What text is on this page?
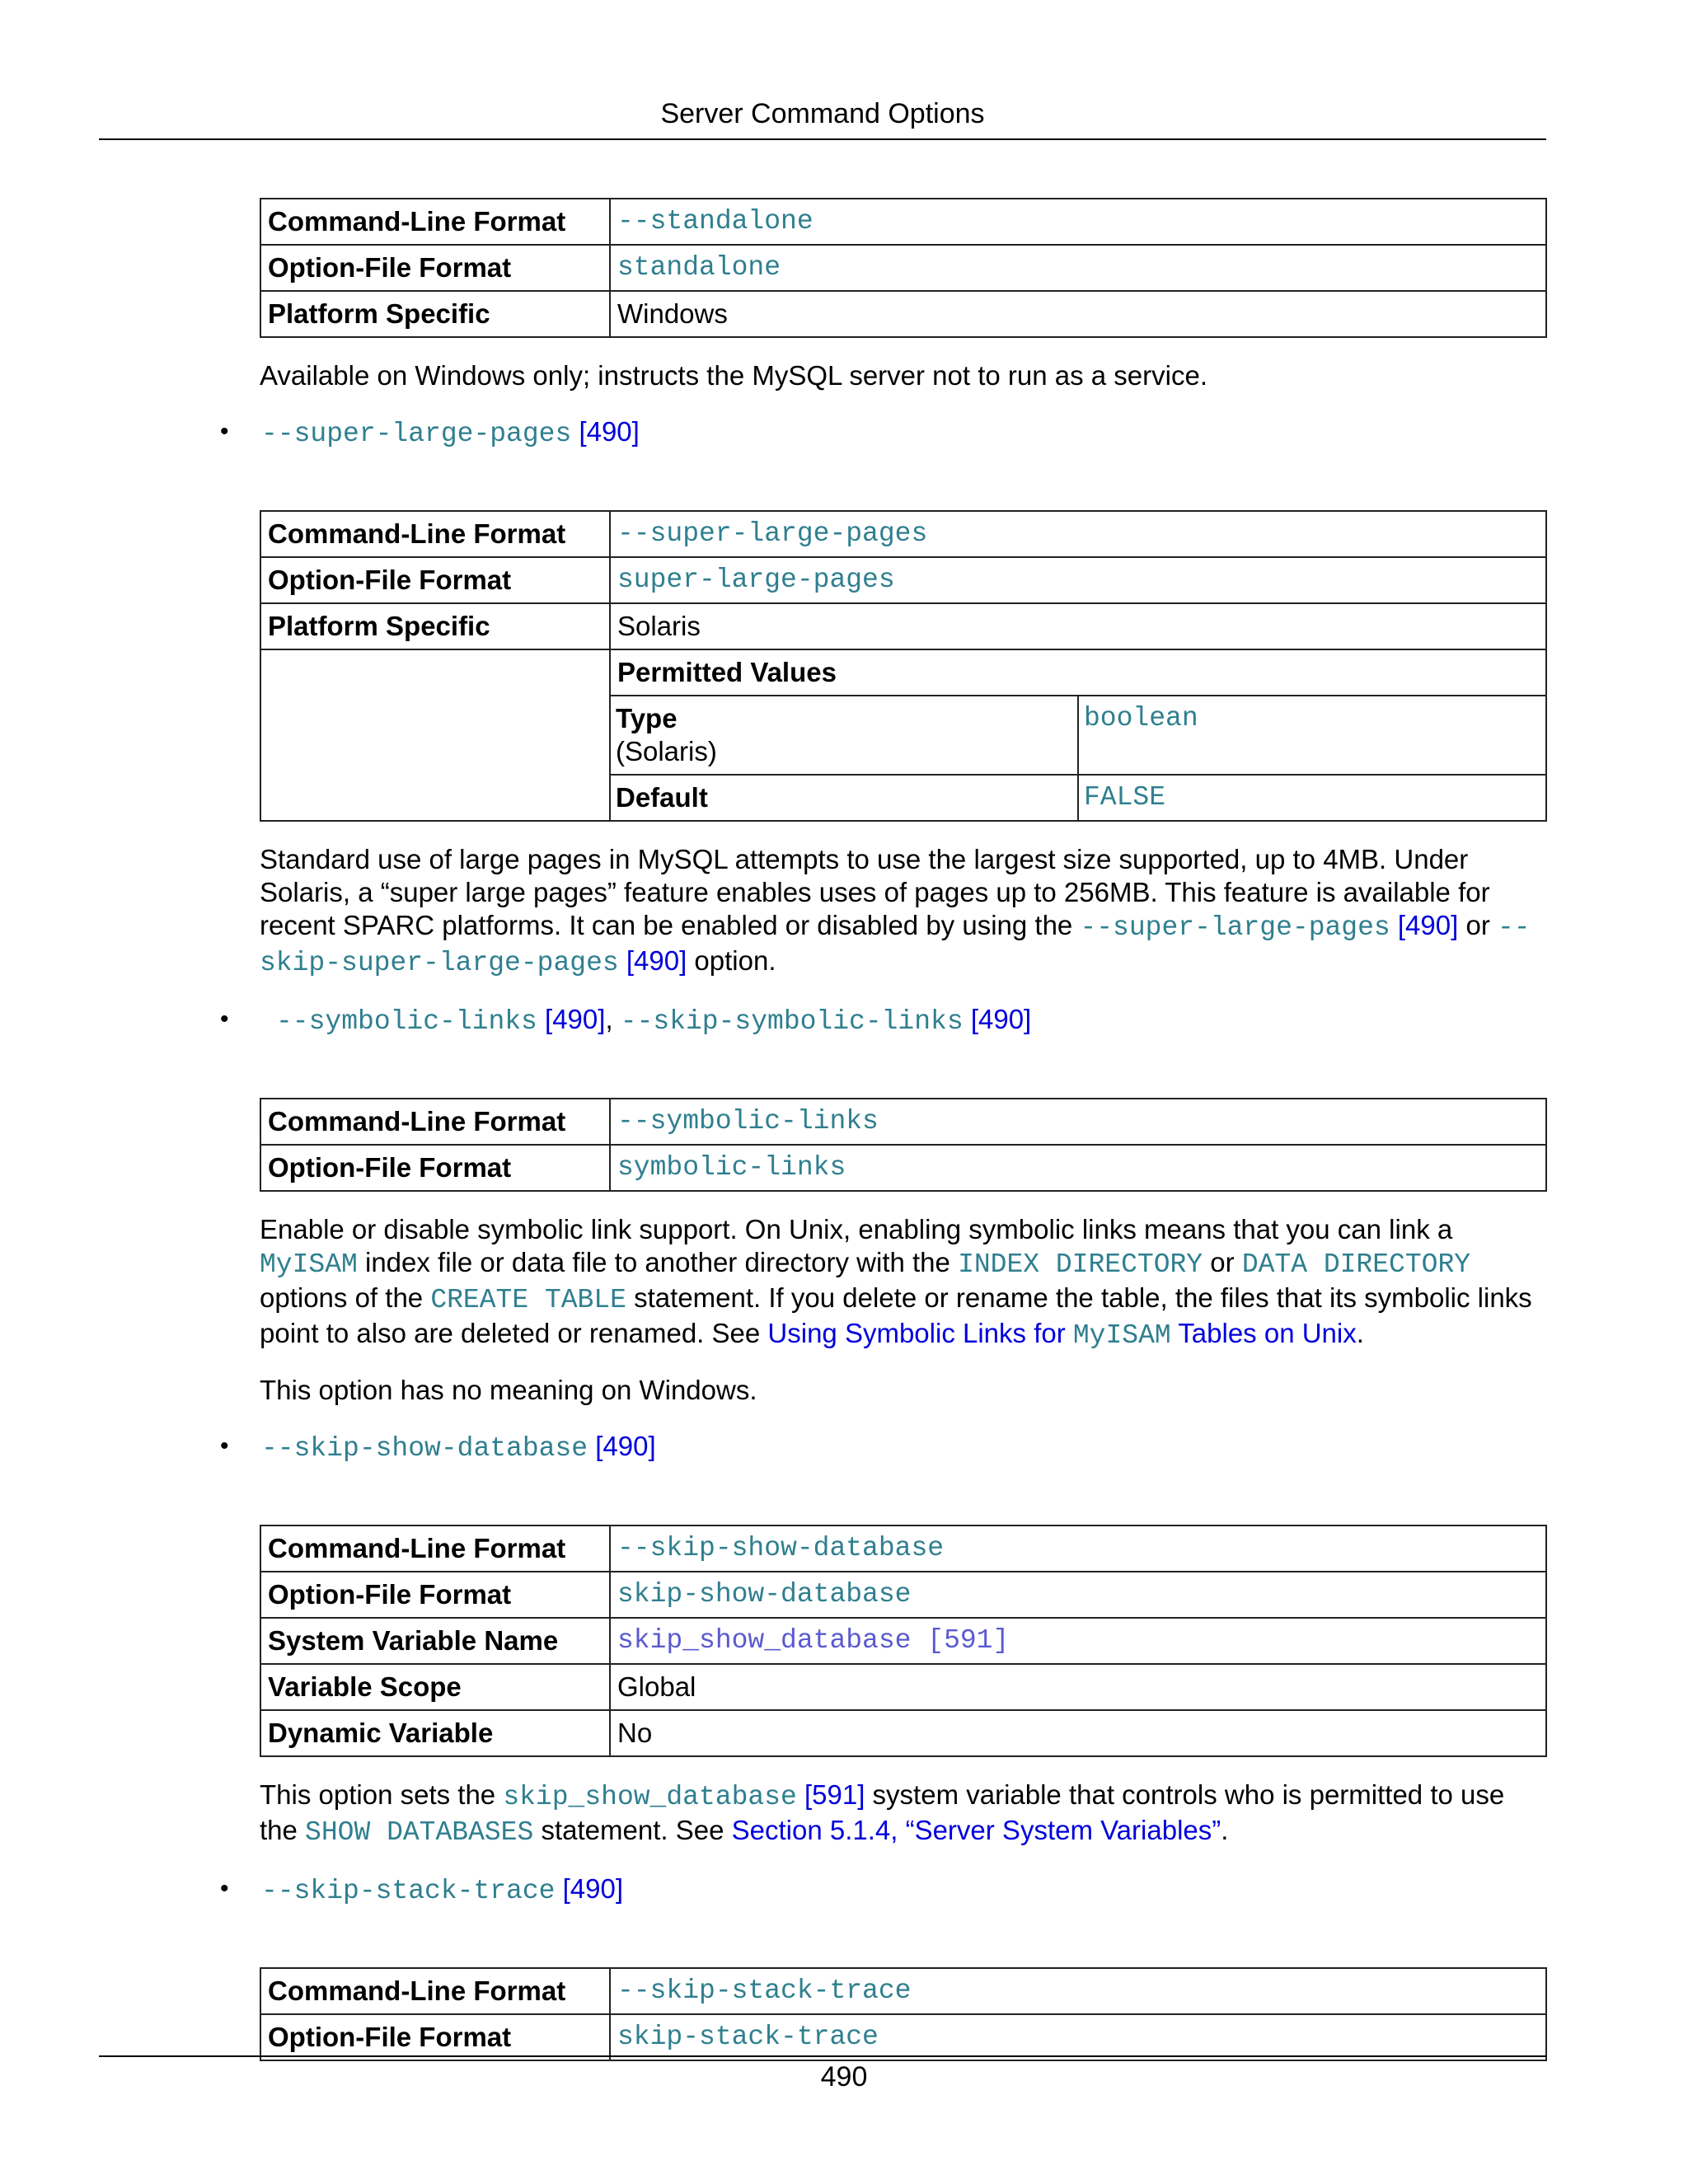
Server Command Options
Command-Line Format	--standalone
Option-File Format	standalone
Platform Specific	Windows

Available on Windows only; instructs the MySQL server not to run as a service.

• --super-large-pages [490]
Command-Line Format	--super-large-pages
Option-File Format	super-large-pages
Platform Specific	Solaris

Permitted Values
Type
(Solaris)	boolean
Default	FALSE

Standard use of large pages in MySQL attempts to use the largest size supported, up to 4MB. Under Solaris, a “super large pages” feature enables uses of pages up to 256MB. This feature is available for recent SPARC platforms. It can be enabled or disabled by using the --super-large-pages [490] or --skip-super-large-pages [490] option.

• --symbolic-links [490], --skip-symbolic-links [490]
Command-Line Format	--symbolic-links
Option-File Format	symbolic-links

Enable or disable symbolic link support. On Unix, enabling symbolic links means that you can link a MyISAM index file or data file to another directory with the INDEX DIRECTORY or DATA DIRECTORY options of the CREATE TABLE statement. If you delete or rename the table, the files that its symbolic links point to also are deleted or renamed. See Using Symbolic Links for MyISAM Tables on Unix.

This option has no meaning on Windows.

• --skip-show-database [490]
Command-Line Format	--skip-show-database
Option-File Format	skip-show-database
System Variable Name	skip_show_database [591]
Variable Scope	Global
Dynamic Variable	No

This option sets the skip_show_database [591] system variable that controls who is permitted to use the SHOW DATABASES statement. See Section 5.1.4, “Server System Variables”.

• --skip-stack-trace [490]
Command-Line Format	--skip-stack-trace
Option-File Format	skip-stack-trace
490
